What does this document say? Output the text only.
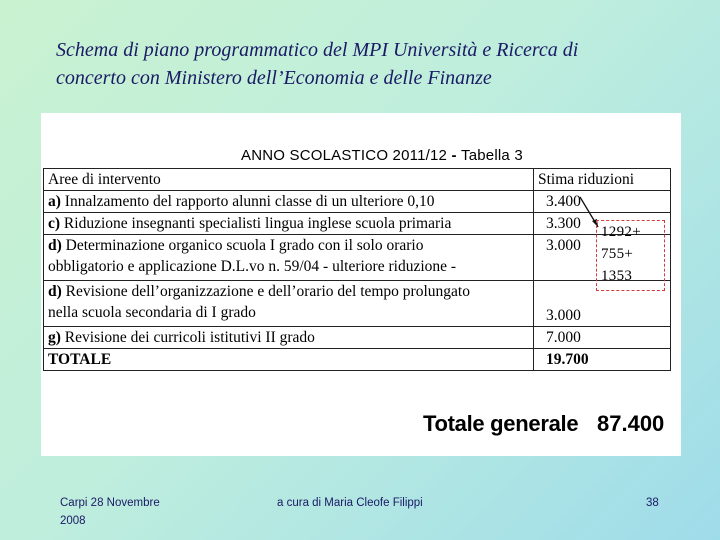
Schema di piano programmatico del MPI Università e Ricerca di
concerto con Ministero dell’Economia e delle Finanze
ANNO SCOLASTICO 2011/12 - Tabella 3
Aree di intervento	Stima riduzioni
a) Innalzamento del rapporto alunni classe di un ulteriore 0,10	3.400
c) Riduzione insegnanti specialisti lingua inglese scuola primaria	3.300
d) Determinazione organico scuola I grado con il solo orario
obbligatorio e applicazione D.L.vo n. 59/04 - ulteriore riduzione -	3.000
d) Revisione dell’organizzazione e dell’orario del tempo prolungato
nella scuola secondaria di I grado	3.000
g) Revisione dei curricoli istitutivi II grado	7.000
TOTALE	19.700
1292+
755+
1353
Totale generale 87.400
Carpi 28 Novembre
2008
a cura di Maria Cleofe Filippi	38
